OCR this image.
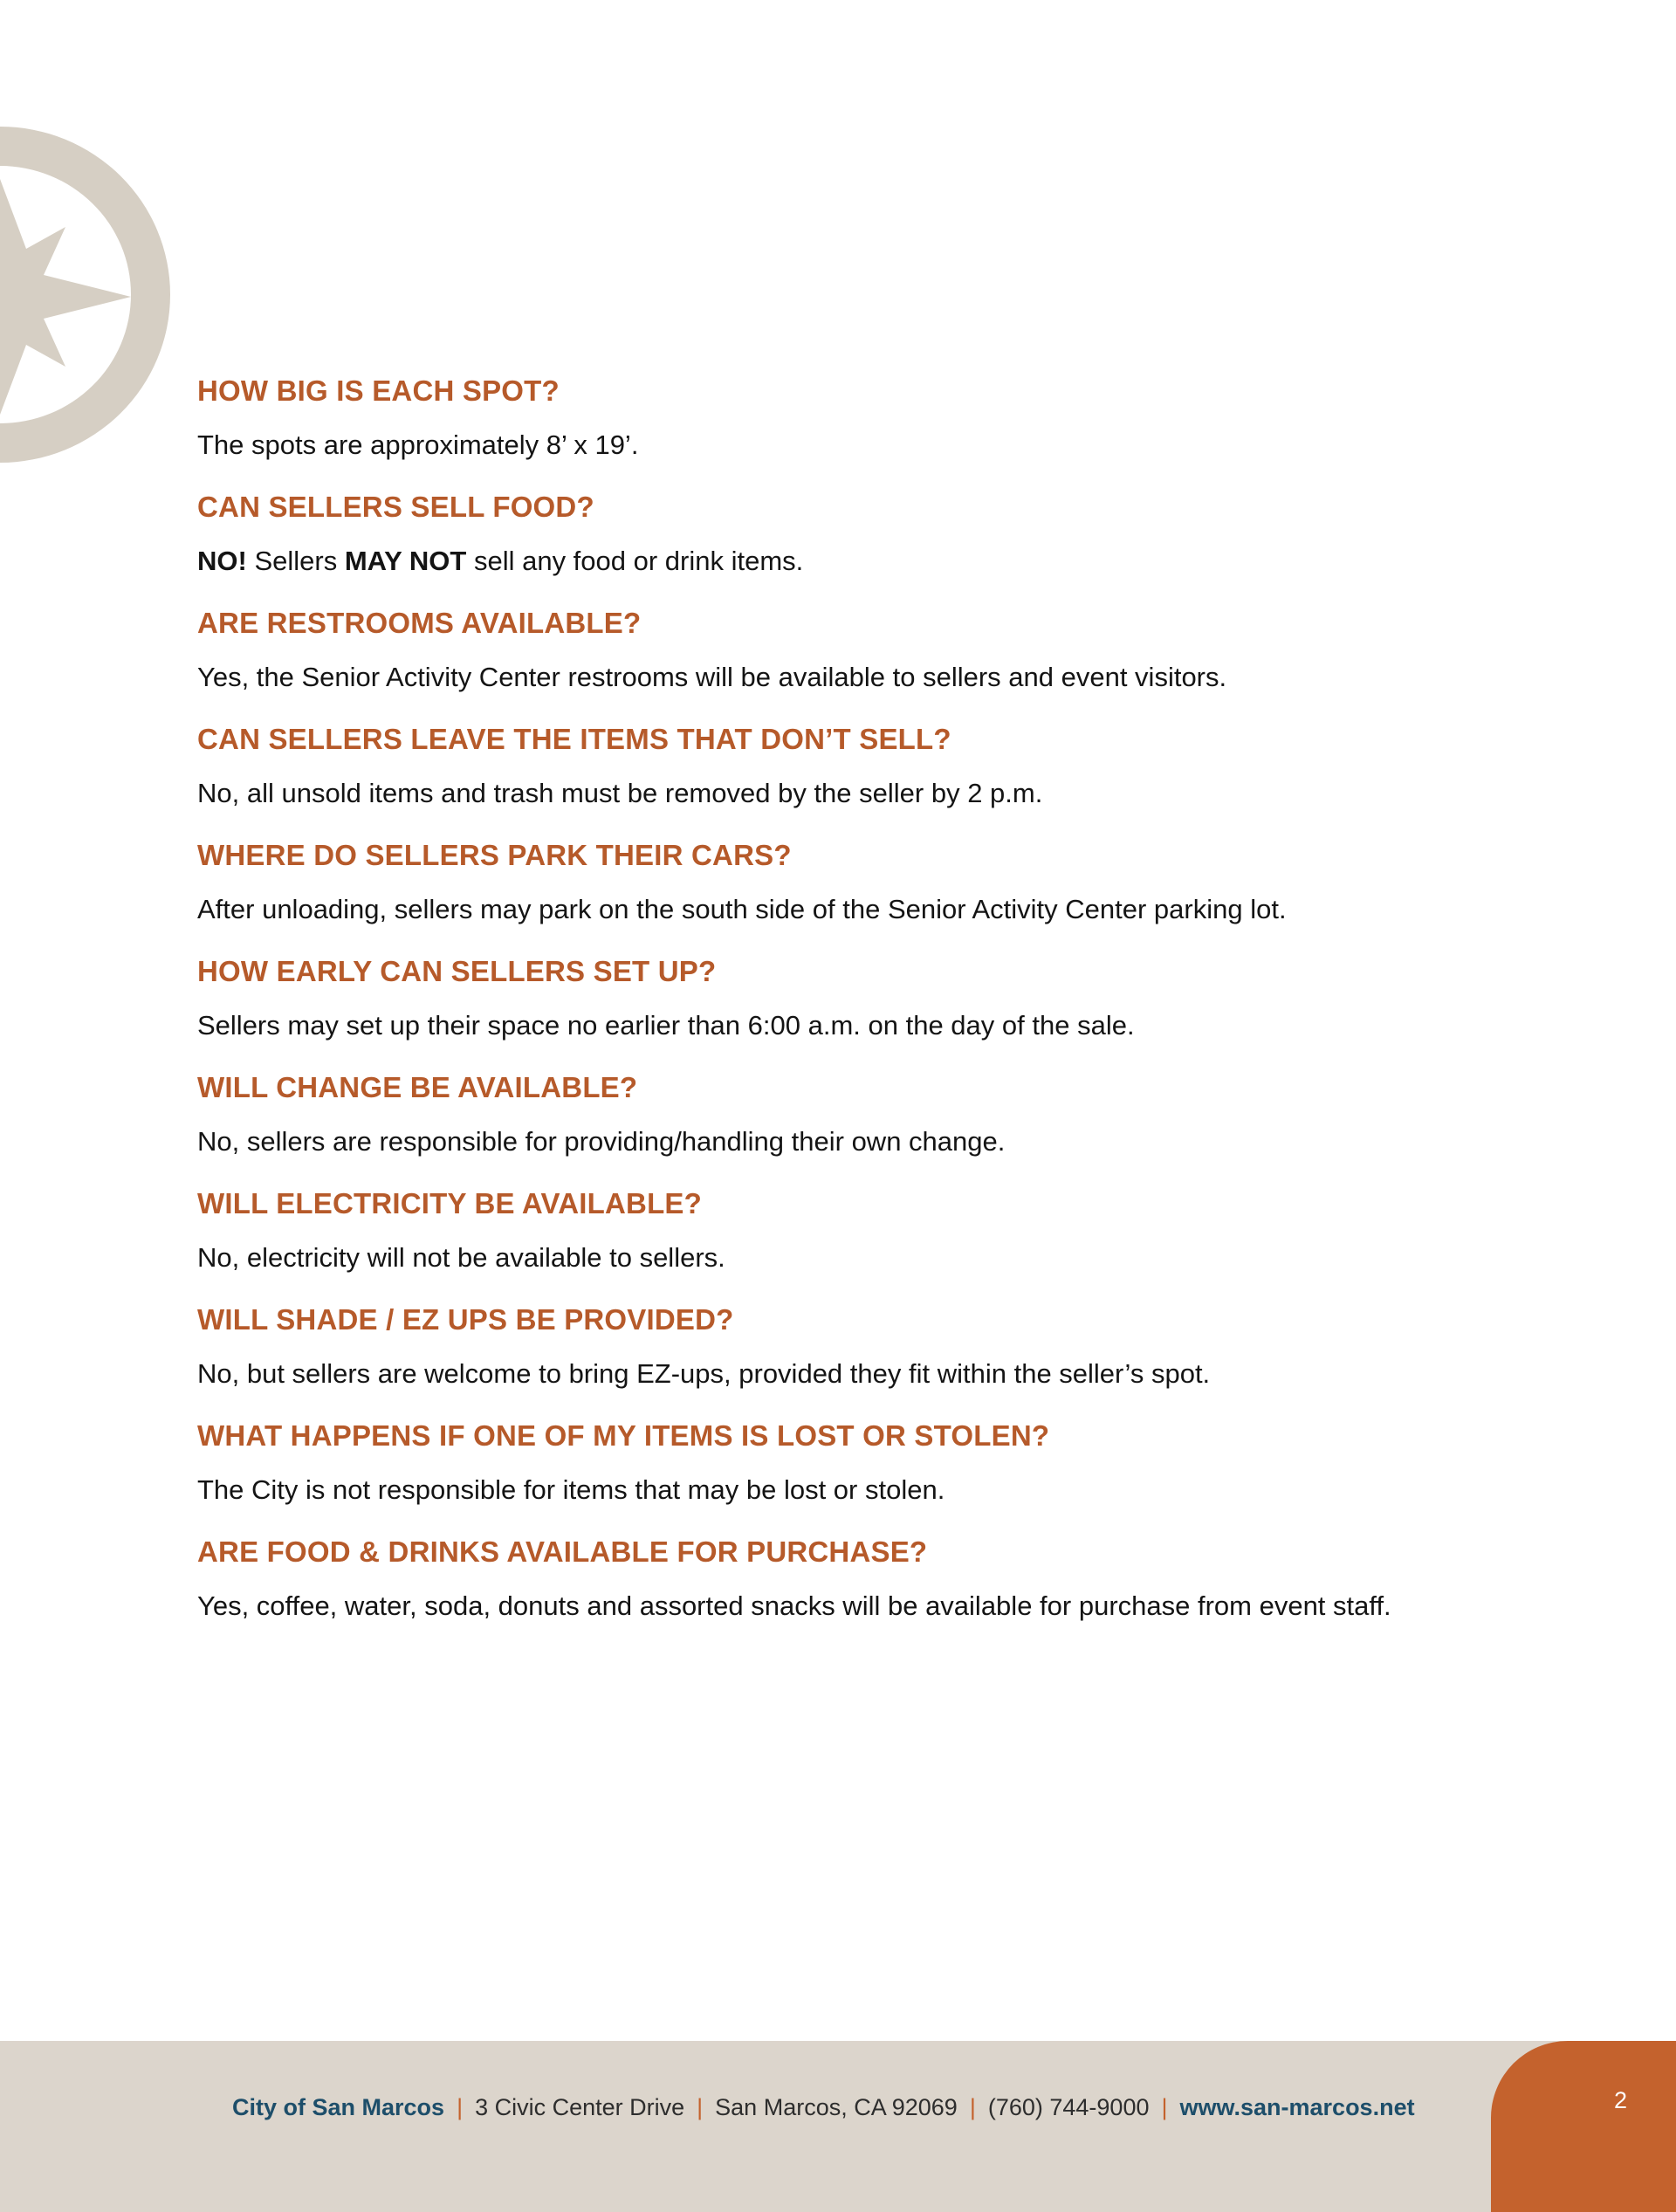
HOW BIG IS EACH SPOT?

The spots are approximately 8’ x 19’.

CAN SELLERS SELL FOOD?

NO! Sellers MAY NOT sell any food or drink items.

ARE RESTROOMS AVAILABLE?

Yes, the Senior Activity Center restrooms will be available to sellers and event visitors.

CAN SELLERS LEAVE THE ITEMS THAT DON’T SELL?

No, all unsold items and trash must be removed by the seller by 2 p.m.

WHERE DO SELLERS PARK THEIR CARS?

After unloading, sellers may park on the south side of the Senior Activity Center parking lot.

HOW EARLY CAN SELLERS SET UP?

Sellers may set up their space no earlier than 6:00 a.m. on the day of the sale.

WILL CHANGE BE AVAILABLE?

No, sellers are responsible for providing/handling their own change.

WILL ELECTRICITY BE AVAILABLE?

No, electricity will not be available to sellers.

WILL SHADE / EZ UPS BE PROVIDED?

No, but sellers are welcome to bring EZ-ups, provided they fit within the seller’s spot.

WHAT HAPPENS IF ONE OF MY ITEMS IS LOST OR STOLEN?

The City is not responsible for items that may be lost or stolen.

ARE FOOD & DRINKS AVAILABLE FOR PURCHASE?

Yes, coffee, water, soda, donuts and assorted snacks will be available for purchase from event staff.

City of San Marcos | 3 Civic Center Drive | San Marcos, CA 92069 | (760) 744-9000 | www.san-marcos.net	2
